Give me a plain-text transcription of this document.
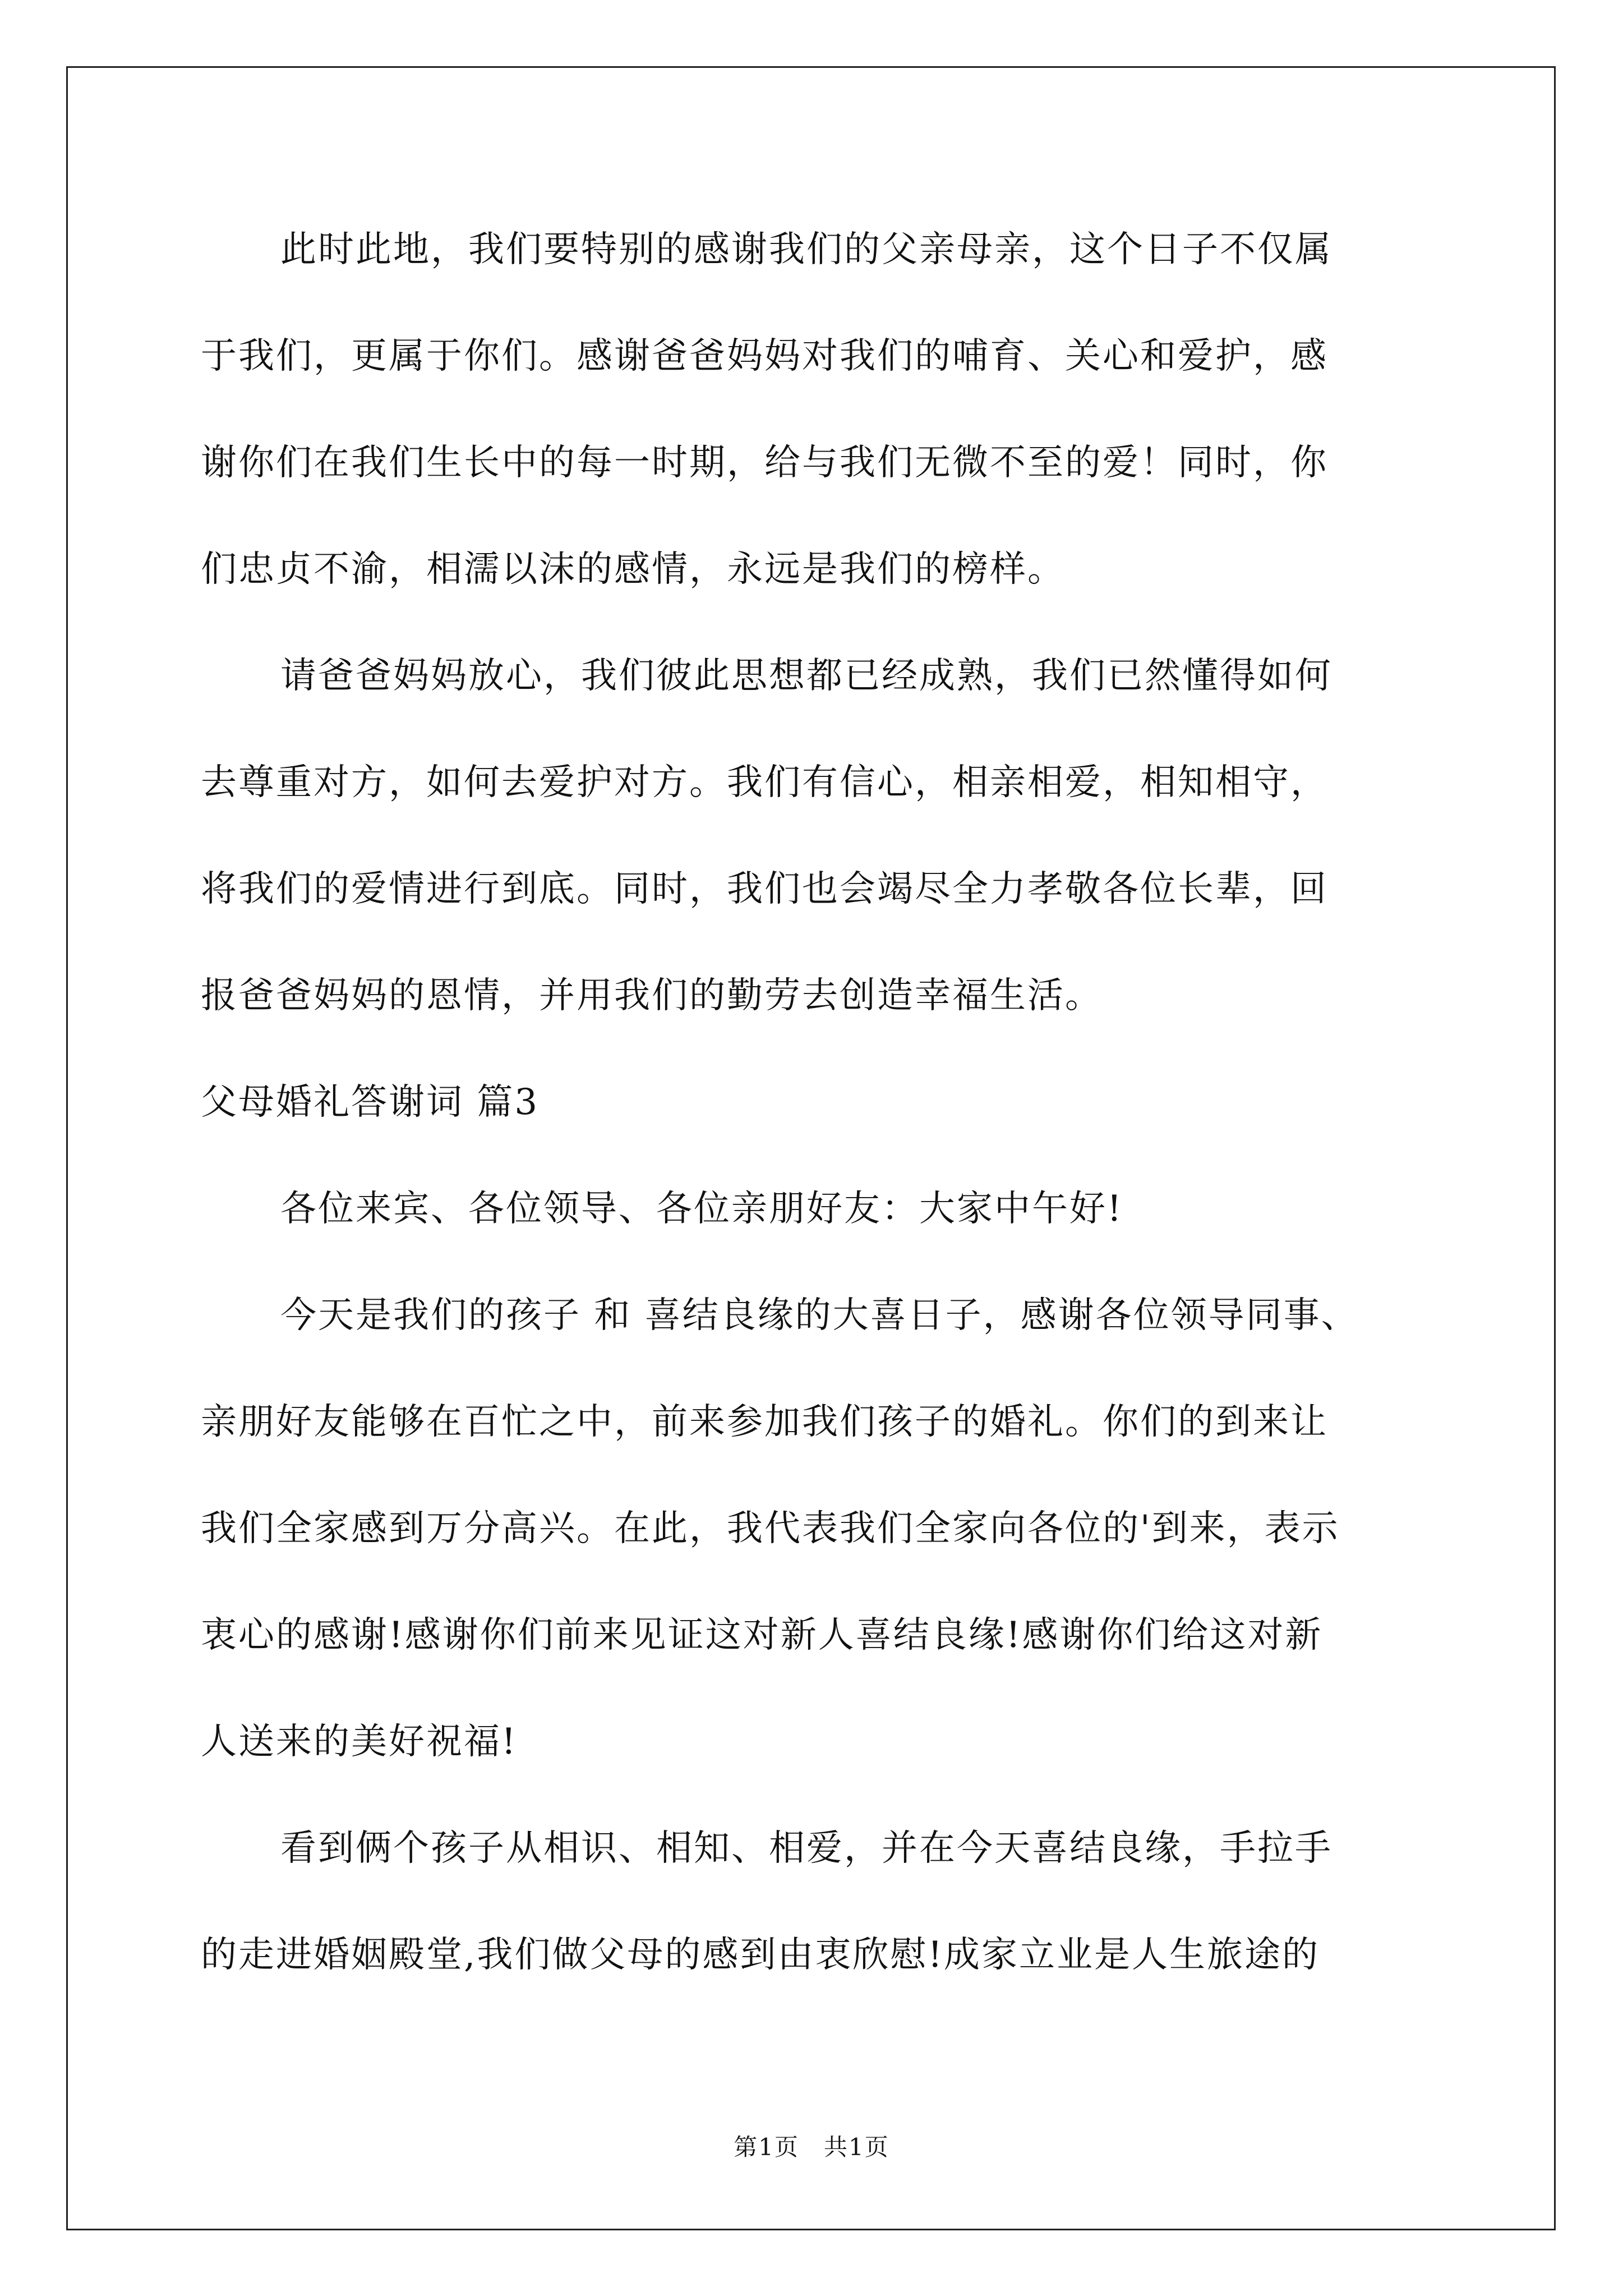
此时此地，我们要特别的感谢我们的父亲母亲，这个日子不仅属
于我们，更属于你们。感谢爸爸妈妈对我们的哺育、关心和爱护，感
谢你们在我们生长中的每一时期，给与我们无微不至的爱！同时，你
们忠贞不渝，相濡以沫的感情，永远是我们的榜样。
请爸爸妈妈放心，我们彼此思想都已经成熟，我们已然懂得如何
去尊重对方，如何去爱护对方。我们有信心，相亲相爱，相知相守，
将我们的爱情进行到底。同时，我们也会竭尽全力孝敬各位长辈，回
报爸爸妈妈的恩情，并用我们的勤劳去创造幸福生活。
父母婚礼答谢词 篇3
各位来宾、各位领导、各位亲朋好友：大家中午好!
今天是我们的孩子 和 喜结良缘的大喜日子，感谢各位领导同事、
亲朋好友能够在百忙之中，前来参加我们孩子的婚礼。你们的到来让
我们全家感到万分高兴。在此，我代表我们全家向各位的'到来，表示
衷心的感谢!感谢你们前来见证这对新人喜结良缘!感谢你们给这对新
人送来的美好祝福!
看到俩个孩子从相识、相知、相爱，并在今天喜结良缘，手拉手
的走进婚姻殿堂,我们做父母的感到由衷欣慰!成家立业是人生旅途的
第1页　共1页
